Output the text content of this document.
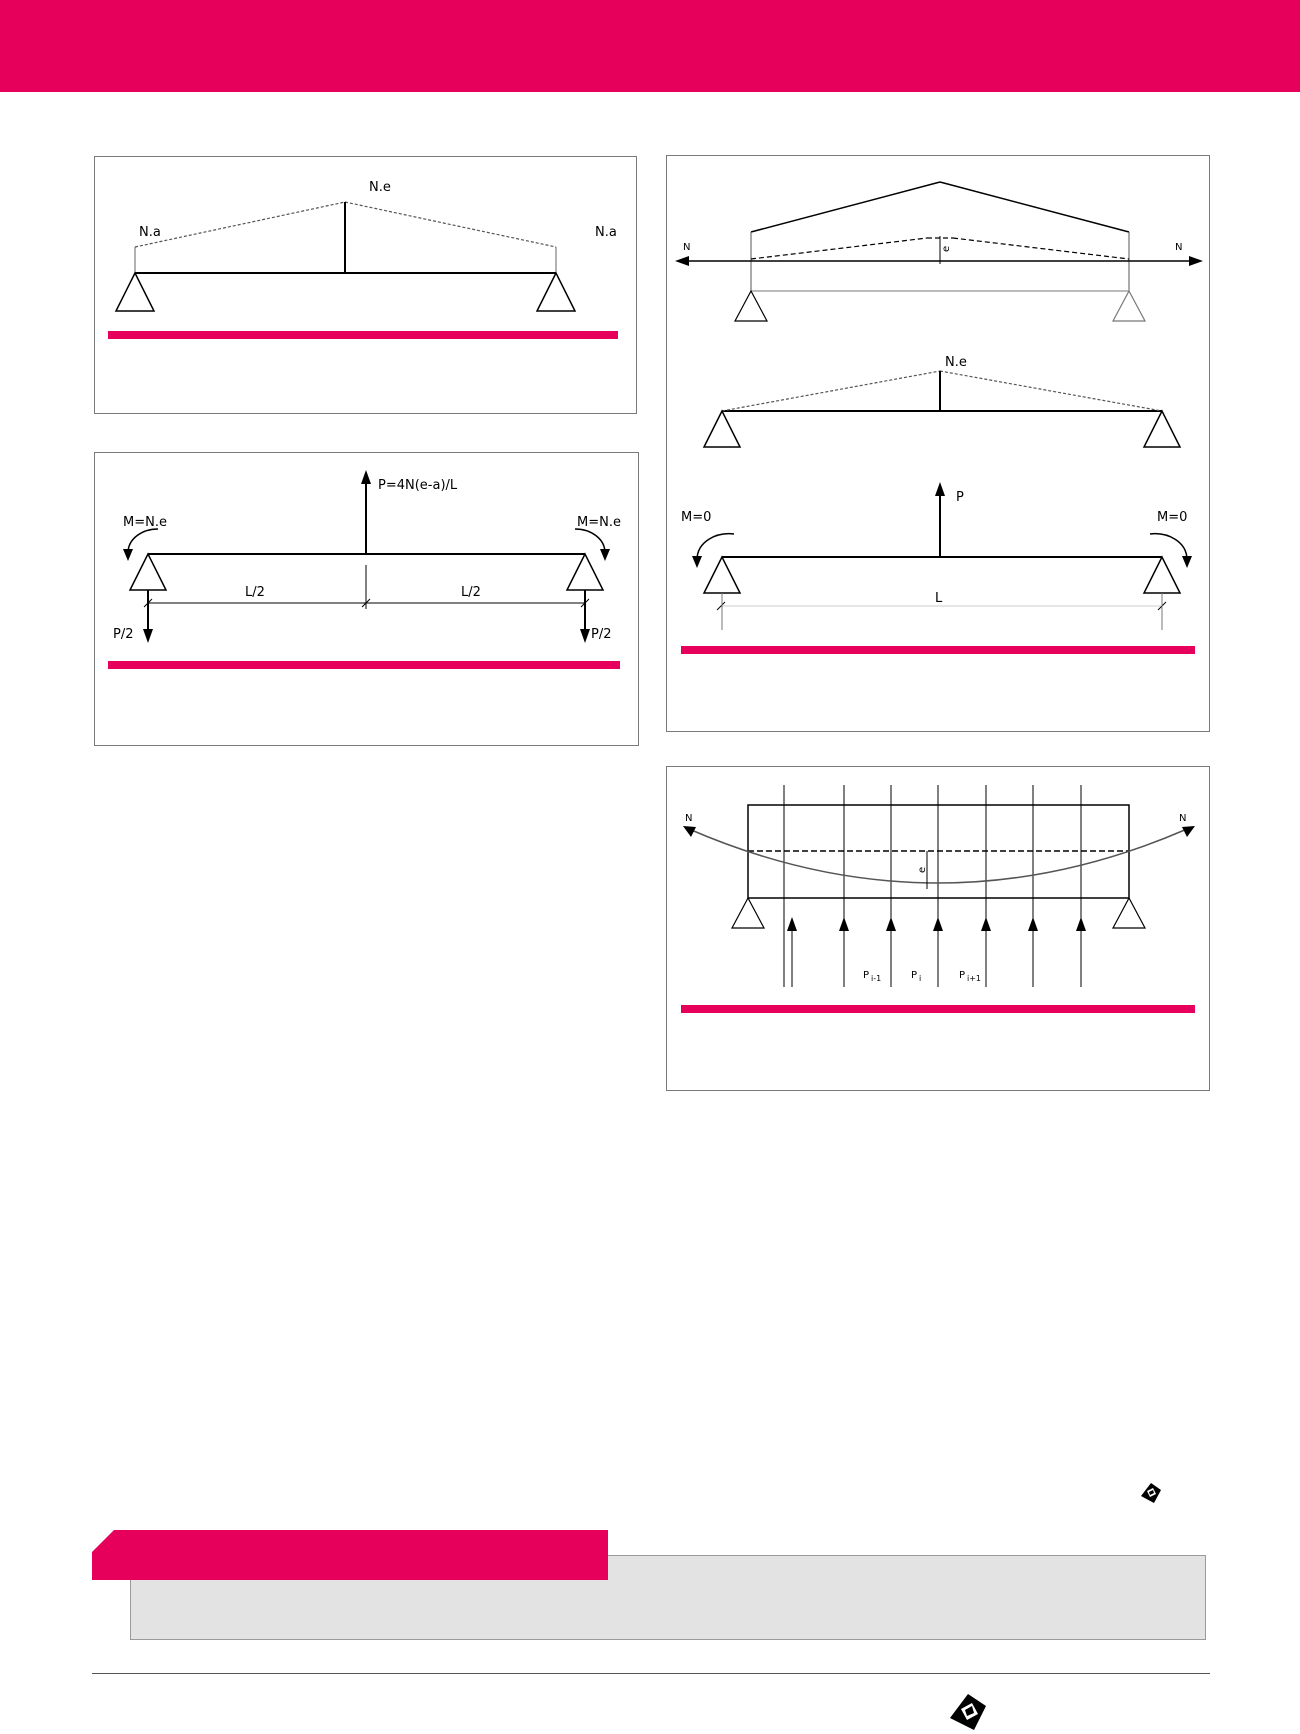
N.a
N.e
N.a
P=4N(e-a)/L
M=N.e	M=N.e
L/2	L/2
P/2	P/2
N	N
e
N.e
P
M=0	M=0
L
N	N
e
P i-1	P i	P i+1
